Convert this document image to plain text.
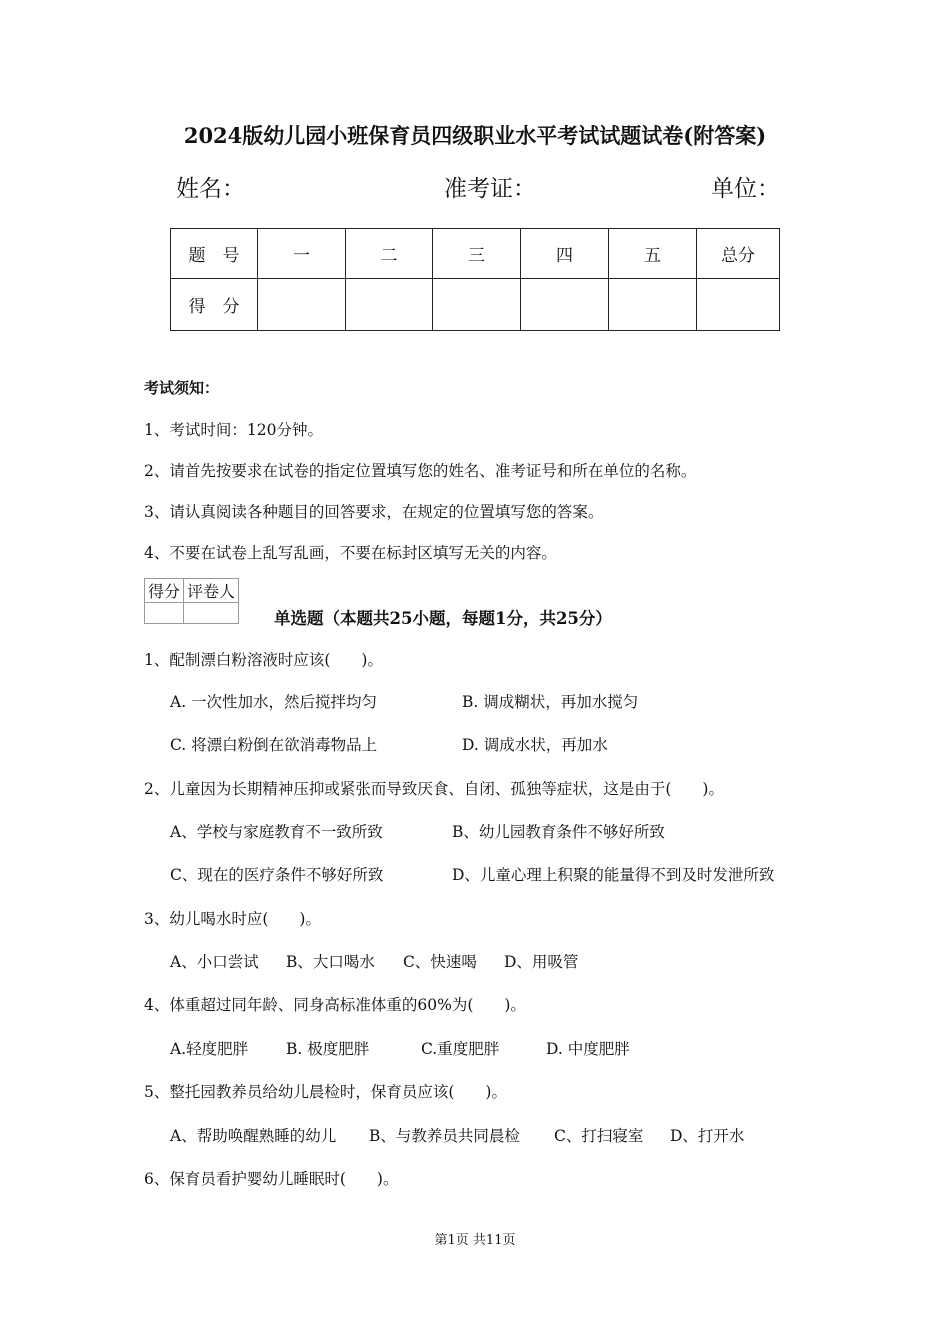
2024版幼儿园小班保育员四级职业水平考试试题试卷(附答案)
姓名：	准考证：	单位：
题　号	一	二	三	四	五	总分
得　分						
考试须知：
1、考试时间：120分钟。
2、请首先按要求在试卷的指定位置填写您的姓名、准考证号和所在单位的名称。
3、请认真阅读各种题目的回答要求，在规定的位置填写您的答案。
4、不要在试卷上乱写乱画，不要在标封区填写无关的内容。
得分	评卷人

单选题（本题共25小题，每题1分，共25分）
1、配制漂白粉溶液时应该(　　)。
A. 一次性加水，然后搅拌均匀	B. 调成糊状，再加水搅匀
C. 将漂白粉倒在欲消毒物品上	D. 调成水状，再加水
2、儿童因为长期精神压抑或紧张而导致厌食、自闭、孤独等症状，这是由于(　　)。
A、学校与家庭教育不一致所致	B、幼儿园教育条件不够好所致
C、现在的医疗条件不够好所致	D、儿童心理上积聚的能量得不到及时发泄所致
3、幼儿喝水时应(　　)。
A、小口尝试 B、大口喝水 C、快速喝 D、用吸管
4、体重超过同年龄、同身高标准体重的60%为(　　)。
A.轻度肥胖 B. 极度肥胖	C.重度肥胖	D. 中度肥胖
5、整托园教养员给幼儿晨检时，保育员应该(　　)。
A、帮助唤醒熟睡的幼儿 B、与教养员共同晨检 C、打扫寝室 D、打开水
6、保育员看护婴幼儿睡眠时(　　)。
第1页 共11页
